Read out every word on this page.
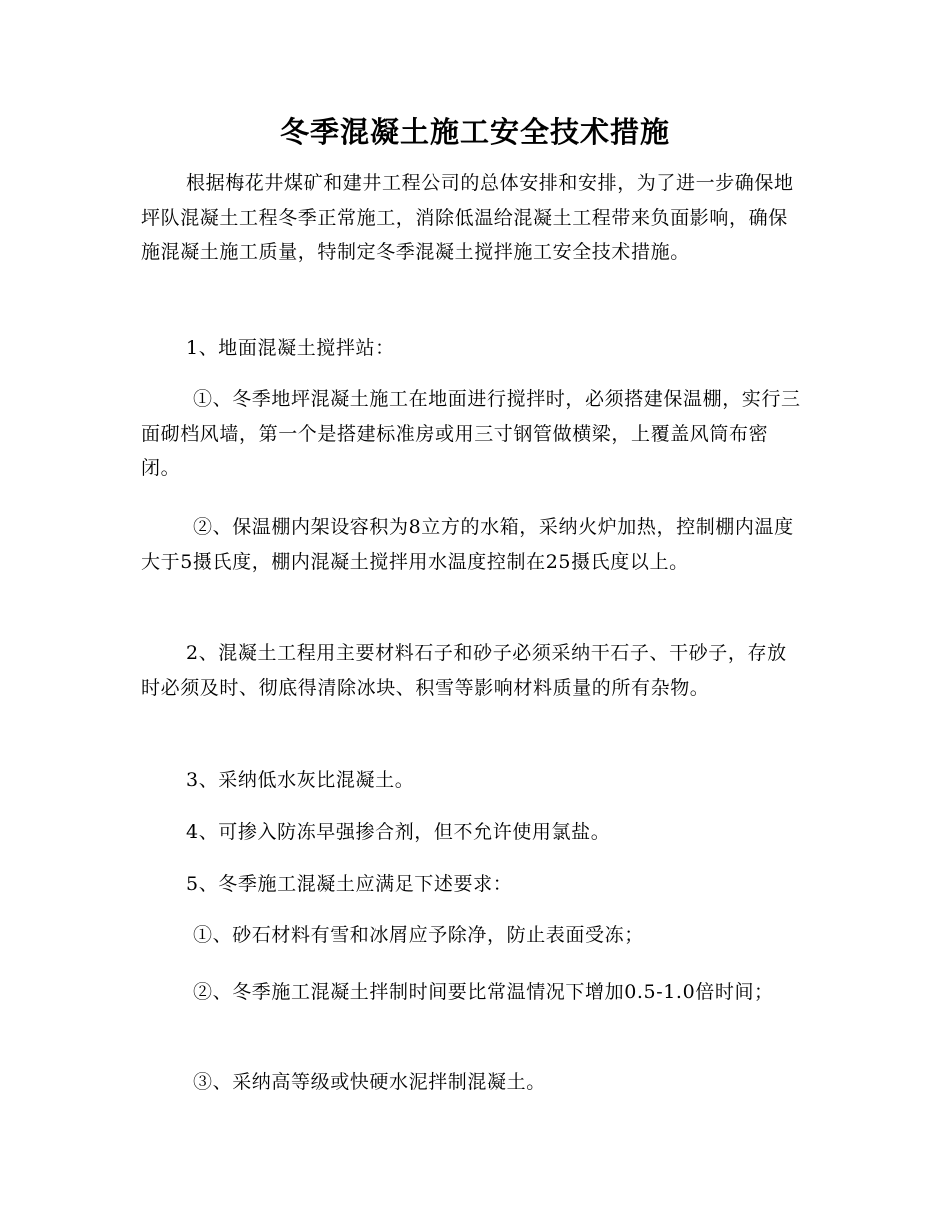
冬季混凝土施工安全技术措施

根据梅花井煤矿和建井工程公司的总体安排和安排，为了进一步确保地坪队混凝土工程冬季正常施工，消除低温给混凝土工程带来负面影响，确保施混凝土施工质量，特制定冬季混凝土搅拌施工安全技术措施。

1、地面混凝土搅拌站：

①、冬季地坪混凝土施工在地面进行搅拌时，必须搭建保温棚，实行三面砌档风墙，第一个是搭建标准房或用三寸钢管做横梁，上覆盖风筒布密闭。

②、保温棚内架设容积为8立方的水箱，采纳火炉加热，控制棚内温度大于5摄氏度，棚内混凝土搅拌用水温度控制在25摄氏度以上。

2、混凝土工程用主要材料石子和砂子必须采纳干石子、干砂子，存放时必须及时、彻底得清除冰块、积雪等影响材料质量的所有杂物。

3、采纳低水灰比混凝土。

4、可掺入防冻早强掺合剂，但不允许使用氯盐。

5、冬季施工混凝土应满足下述要求：

①、砂石材料有雪和冰屑应予除净，防止表面受冻；

②、冬季施工混凝土拌制时间要比常温情况下增加0.5-1.0倍时间；

③、采纳高等级或快硬水泥拌制混凝土。
